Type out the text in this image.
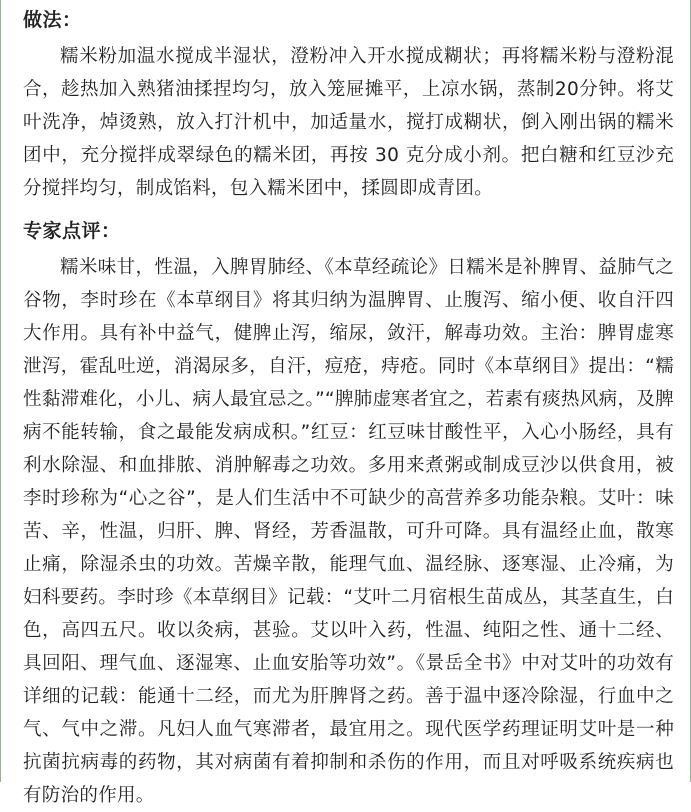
做法：

糯米粉加温水搅成半湿状，澄粉冲入开水搅成糊状；再将糯米粉与澄粉混合，趁热加入熟猪油揉捏均匀，放入笼屉摊平，上凉水锅，蒸制20分钟。将艾叶洗净，焯烫熟，放入打汁机中，加适量水，搅打成糊状，倒入刚出锅的糯米团中，充分搅拌成翠绿色的糯米团，再按 30 克分成小剂。把白糖和红豆沙充分搅拌均匀，制成馅料，包入糯米团中，揉圆即成青团。

专家点评：

糯米味甘，性温，入脾胃肺经、《本草经疏论》日糯米是补脾胃、益肺气之谷物，李时珍在《本草纲目》将其归纳为温脾胃、止腹泻、缩小便、收自汗四大作用。具有补中益气，健脾止泻，缩尿，敛汗，解毒功效。主治：脾胃虚寒泄泻，霍乱吐逆，消渴尿多，自汗，痘疮，痔疮。同时《本草纲目》提出：“糯性黏滞难化，小儿、病人最宜忌之。”“脾肺虚寒者宜之，若素有痰热风病，及脾病不能转输，食之最能发病成积。”红豆：红豆味甘酸性平，入心小肠经，具有利水除湿、和血排脓、消肿解毒之功效。多用来煮粥或制成豆沙以供食用，被李时珍称为“心之谷”，是人们生活中不可缺少的高营养多功能杂粮。艾叶：味苦、辛，性温，归肝、脾、肾经，芳香温散，可升可降。具有温经止血，散寒止痛，除湿杀虫的功效。苦燥辛散，能理气血、温经脉、逐寒湿、止冷痛，为妇科要药。李时珍《本草纲目》记载：“艾叶二月宿根生苗成丛，其茎直生，白色，高四五尺。收以灸病，甚验。艾以叶入药，性温、纯阳之性、通十二经、具回阳、理气血、逐湿寒、止血安胎等功效”。《景岳全书》中对艾叶的功效有详细的记载：能通十二经，而尤为肝脾肾之药。善于温中逐冷除湿，行血中之气、气中之滞。凡妇人血气寒滞者，最宜用之。现代医学药理证明艾叶是一种抗菌抗病毒的药物，其对病菌有着抑制和杀伤的作用，而且对呼吸系统疾病也有防治的作用。
